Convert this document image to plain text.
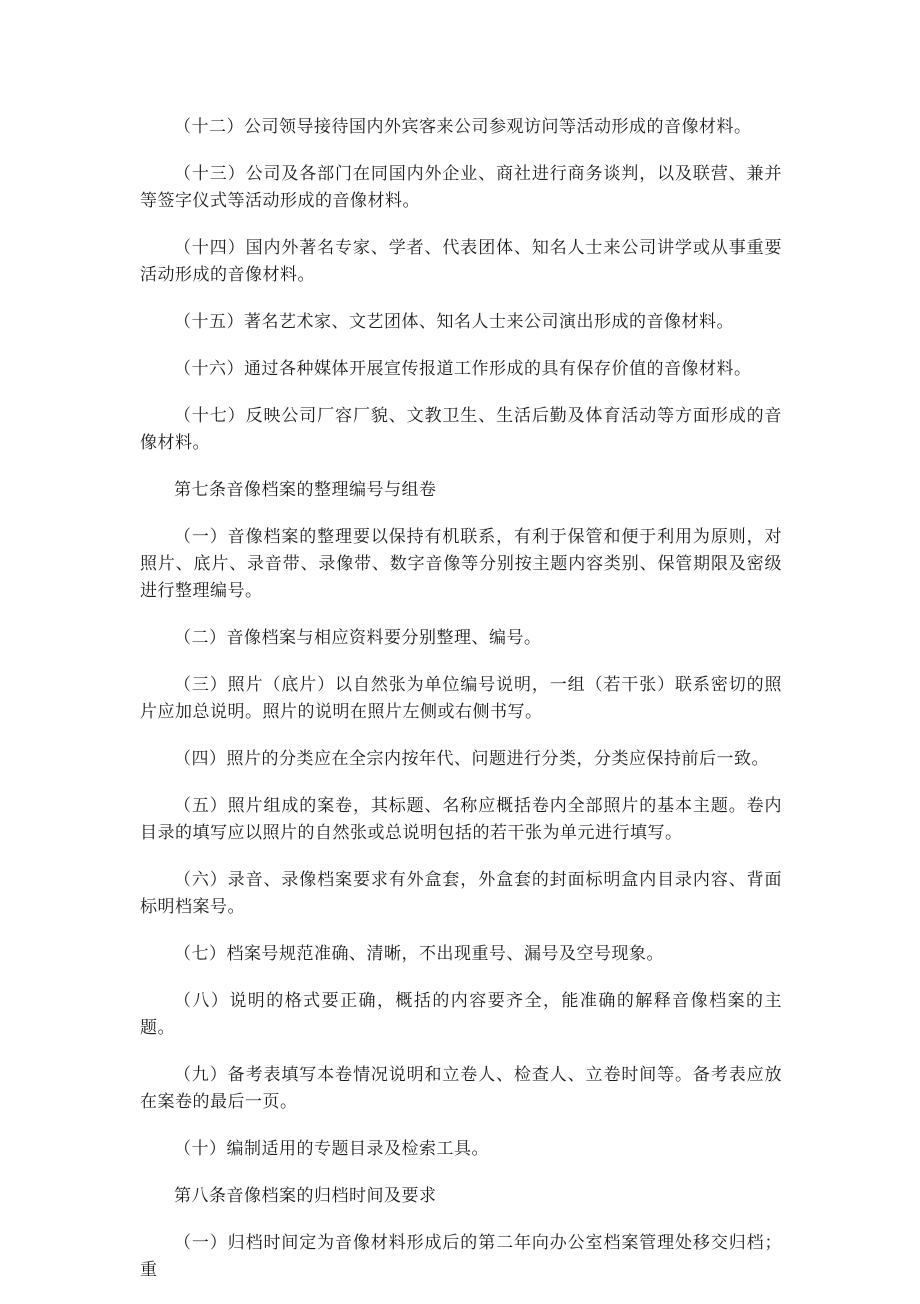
（十二）公司领导接待国内外宾客来公司参观访问等活动形成的音像材料。

（十三）公司及各部门在同国内外企业、商社进行商务谈判，以及联营、兼并等签字仪式等活动形成的音像材料。

（十四）国内外著名专家、学者、代表团体、知名人士来公司讲学或从事重要活动形成的音像材料。

（十五）著名艺术家、文艺团体、知名人士来公司演出形成的音像材料。

（十六）通过各种媒体开展宣传报道工作形成的具有保存价值的音像材料。

（十七）反映公司厂容厂貌、文教卫生、生活后勤及体育活动等方面形成的音像材料。

第七条音像档案的整理编号与组卷

（一）音像档案的整理要以保持有机联系，有利于保管和便于利用为原则，对照片、底片、录音带、录像带、数字音像等分别按主题内容类别、保管期限及密级进行整理编号。

（二）音像档案与相应资料要分别整理、编号。

（三）照片（底片）以自然张为单位编号说明，一组（若干张）联系密切的照片应加总说明。照片的说明在照片左侧或右侧书写。

（四）照片的分类应在全宗内按年代、问题进行分类，分类应保持前后一致。

（五）照片组成的案卷，其标题、名称应概括卷内全部照片的基本主题。卷内目录的填写应以照片的自然张或总说明包括的若干张为单元进行填写。

（六）录音、录像档案要求有外盒套，外盒套的封面标明盒内目录内容、背面标明档案号。

（七）档案号规范准确、清晰，不出现重号、漏号及空号现象。

（八）说明的格式要正确，概括的内容要齐全，能准确的解释音像档案的主题。

（九）备考表填写本卷情况说明和立卷人、检查人、立卷时间等。备考表应放在案卷的最后一页。

（十）编制适用的专题目录及检索工具。

第八条音像档案的归档时间及要求

（一）归档时间定为音像材料形成后的第二年向办公室档案管理处移交归档；重
